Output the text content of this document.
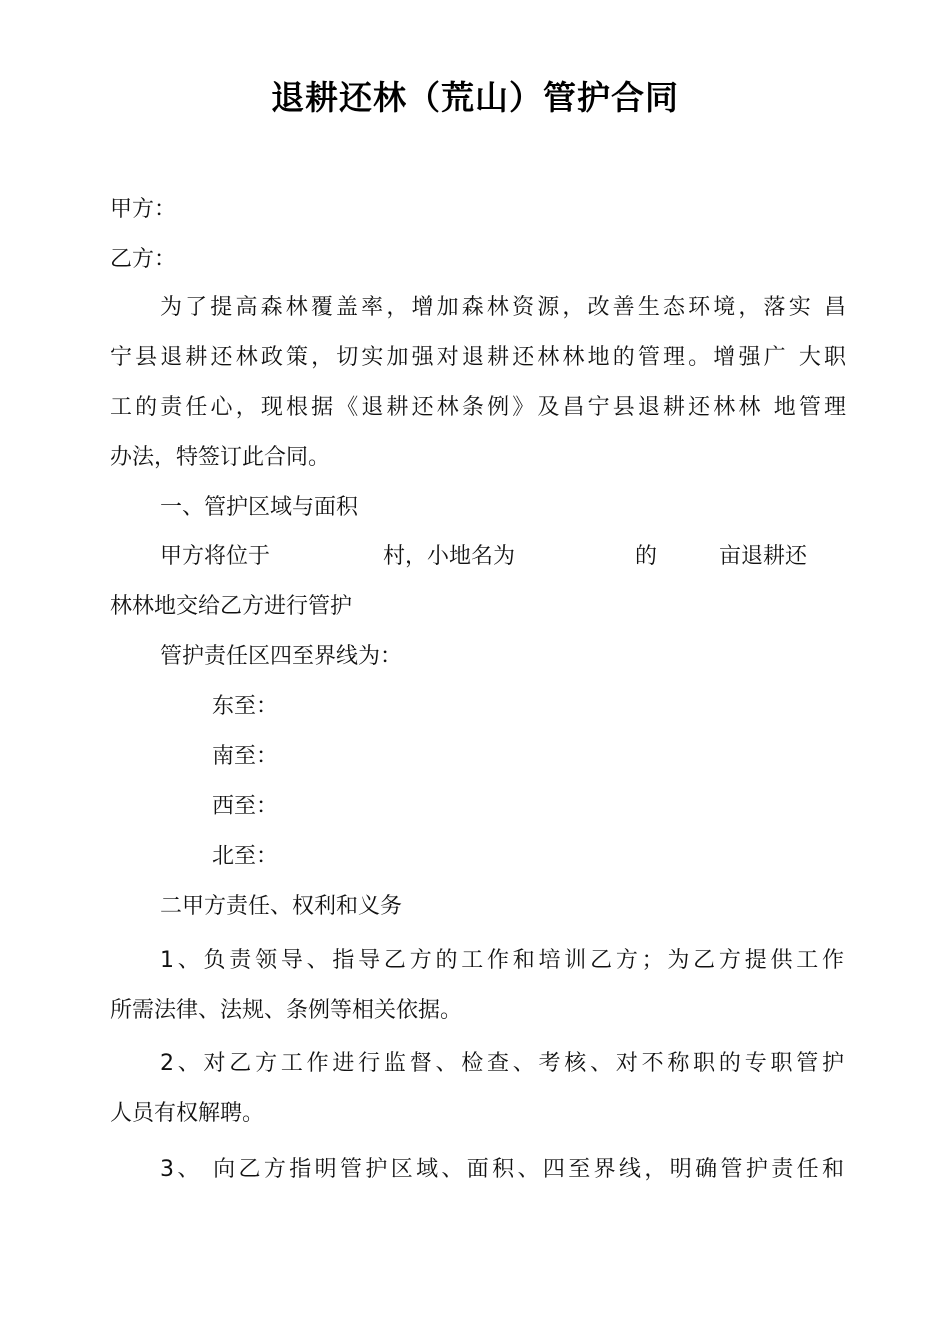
退耕还林（荒山）管护合同
甲方：
乙方：
为了提高森林覆盖率，增加森林资源，改善生态环境，落实 昌
宁县退耕还林政策，切实加强对退耕还林林地的管理。增强广 大职
工的责任心，现根据《退耕还林条例》及昌宁县退耕还林林 地管理
办法，特签订此合同。
一、管护区域与面积
甲方将位于	村，小地名为	的	亩退耕还
林林地交给乙方进行管护
管护责任区四至界线为：
东至：
南至：
西至：
北至：
二甲方责任、权利和义务
1、负责领导、指导乙方的工作和培训乙方；为乙方提供工作
所需法律、法规、条例等相关依据。
2、对乙方工作进行监督、检查、考核、对不称职的专职管护
人员有权解聘。
3、 向乙方指明管护区域、面积、四至界线，明确管护责任和
